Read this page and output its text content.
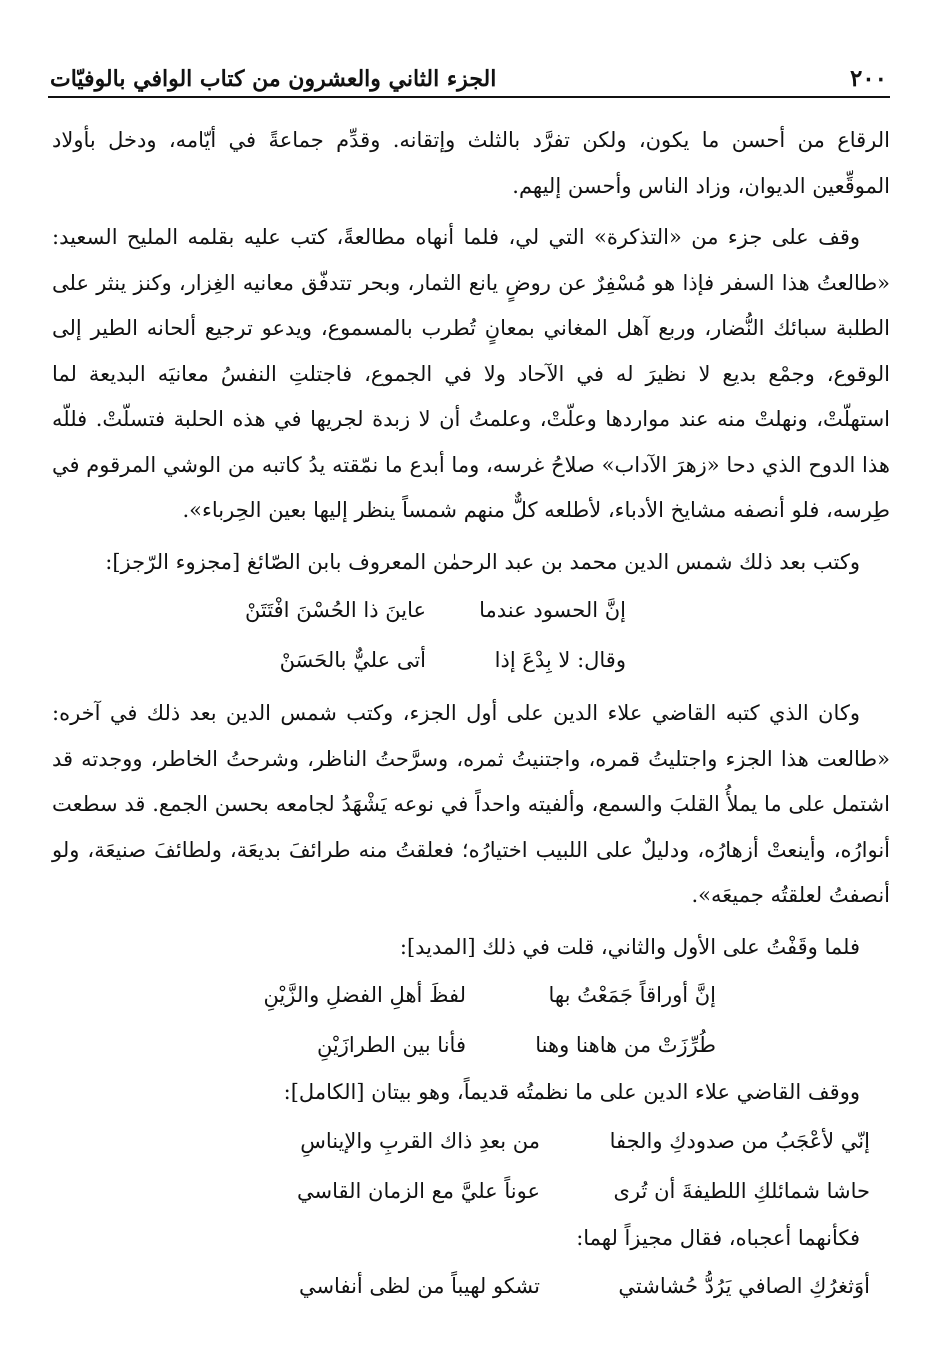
٢٠٠
الجزء الثاني والعشرون من كتاب الوافي بالوفيّات

الرقاع من أحسن ما يكون، ولكن تفرَّد بالثلث وإتقانه. وقدِّم جماعةً في أيّامه، ودخل بأولاد الموقِّعين الديوان، وزاد الناس وأحسن إليهم.

وقف على جزء من «التذكرة» التي لي، فلما أنهاه مطالعةً، كتب عليه بقلمه المليح السعيد: «طالعتُ هذا السفر فإذا هو مُسْفِرٌ عن روضٍ يانع الثمار، وبحر تتدفّق معانيه الغِزار، وكنز ينثر على الطلبة سبائك النُّضار، وربع آهل المغاني بمعانٍ تُطرب بالمسموع، ويدعو ترجيع ألحانه الطير إلى الوقوع، وجمْع بديع لا نظيرَ له في الآحاد ولا في الجموع، فاجتلتِ النفسُ معانيَه البديعة لما استهلّتْ، ونهلتْ منه عند مواردها وعلّتْ، وعلمتُ أن لا زبدة لجريها في هذه الحلبة فتسلّتْ. فللّه هذا الدوح الذي دحا «زهرَ الآداب» صلاحُ غرسه، وما أبدع ما نمّقته يدُ كاتبه من الوشي المرقوم في طِرسه، فلو أنصفه مشايخ الأدباء، لأطلعه كلٌّ منهم شمساً ينظر إليها بعين الحِرباء».

وكتب بعد ذلك شمس الدين محمد بن عبد الرحمٰن المعروف بابن الصّائغ [مجزوء الرّجز]:

إنَّ الحسود عندما
عاينَ ذا الحُسْنَ افْتَتَنْ
وقال: لا بِدْعَ إذا
أتى عليٌّ بالحَسَنْ

وكان الذي كتبه القاضي علاء الدين على أول الجزء، وكتب شمس الدين بعد ذلك في آخره: «طالعت هذا الجزء واجتليتُ قمره، واجتنيتُ ثمره، وسرَّحتُ الناظر، وشرحتُ الخاطر، ووجدته قد اشتمل على ما يملأُ القلبَ والسمع، وألفيته واحداً في نوعه يَشْهَدُ لجامعه بحسن الجمع. قد سطعت أنوارُه، وأينعتْ أزهارُه، ودليلٌ على اللبيب اختيارُه؛ فعلقتُ منه طرائفَ بديعَة، ولطائفَ صنيعَة، ولو أنصفتُ لعلقتُه جميعَه».

فلما وقَفْتُ على الأول والثاني، قلت في ذلك [المديد]:

إنَّ أوراقاً جَمَعْتُ بها
لفظَ أهلِ الفضلِ والزَّيْنِ
طُرِّزَتْ من هاهنا وهنا
فأنا بين الطرازَيْنِ

ووقف القاضي علاء الدين على ما نظمتُه قديماً، وهو بيتان [الكامل]:

إنّي لأعْجَبُ من صدودكِ والجفا
من بعدِ ذاك القربِ والإيناسِ
حاشا شمائلكِ اللطيفةَ أن تُرى
عوناً عليَّ مع الزمان القاسي

فكأنهما أعجباه، فقال مجيزاً لهما:

أوَثغرُكِ الصافي يَرُدُّ حُشاشتي
تشكو لهيباً من لظى أنفاسي
